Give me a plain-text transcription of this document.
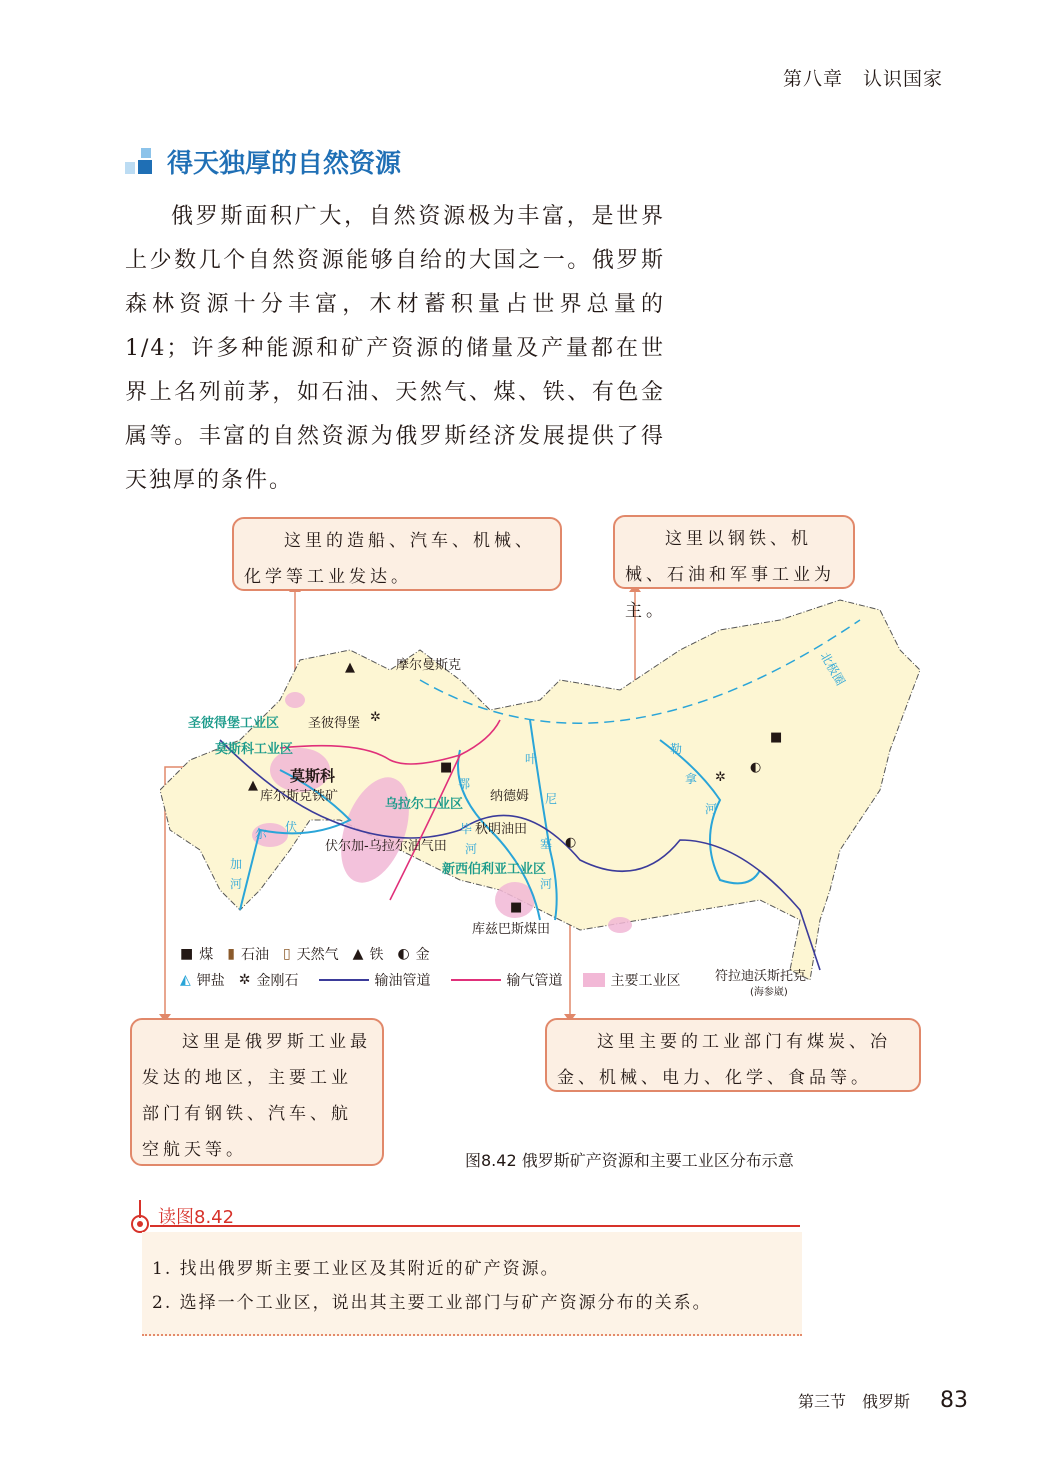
第八章　认识国家
得天独厚的自然资源
俄罗斯面积广大，自然资源极为丰富，是世界上少数几个自然资源能够自给的大国之一。俄罗斯森林资源十分丰富，木材蓄积量占世界总量的1/4；许多种能源和矿产资源的储量及产量都在世界上名列前茅，如石油、天然气、煤、铁、有色金属等。丰富的自然资源为俄罗斯经济发展提供了得天独厚的条件。
摩尔曼斯克
圣彼得堡
莫斯科
库尔斯克铁矿	纳德姆
秋明油田
伏尔加-乌拉尔油气田
库兹巴斯煤田
符拉迪沃斯托克
(海参崴)
圣彼得堡工业区
莫斯科工业区
乌拉尔工业区
新西伯利亚工业区
尔
加
伏
河
鄂
毕
河
叶
尼
塞
河
勒
拿
河
北极圈
■
■
■
▲
▲
◐
◐
✲
✲
■ 煤 ▮ 石油 ▯ 天然气 ▲ 铁 ◐ 金
◭ 钾盐 ✲ 金刚石	输油管道	输气管道	主要工业区
这里的造船、汽车、机械、化学等工业发达。
这里以钢铁、机械、石油和军事工业为主。
这里是俄罗斯工业最发达的地区，主要工业部门有钢铁、汽车、航空航天等。
这里主要的工业部门有煤炭、冶金、机械、电力、化学、食品等。
图8.42 俄罗斯矿产资源和主要工业区分布示意
读图8.42
1. 找出俄罗斯主要工业区及其附近的矿产资源。
2. 选择一个工业区，说出其主要工业部门与矿产资源分布的关系。
第三节　俄罗斯 83
